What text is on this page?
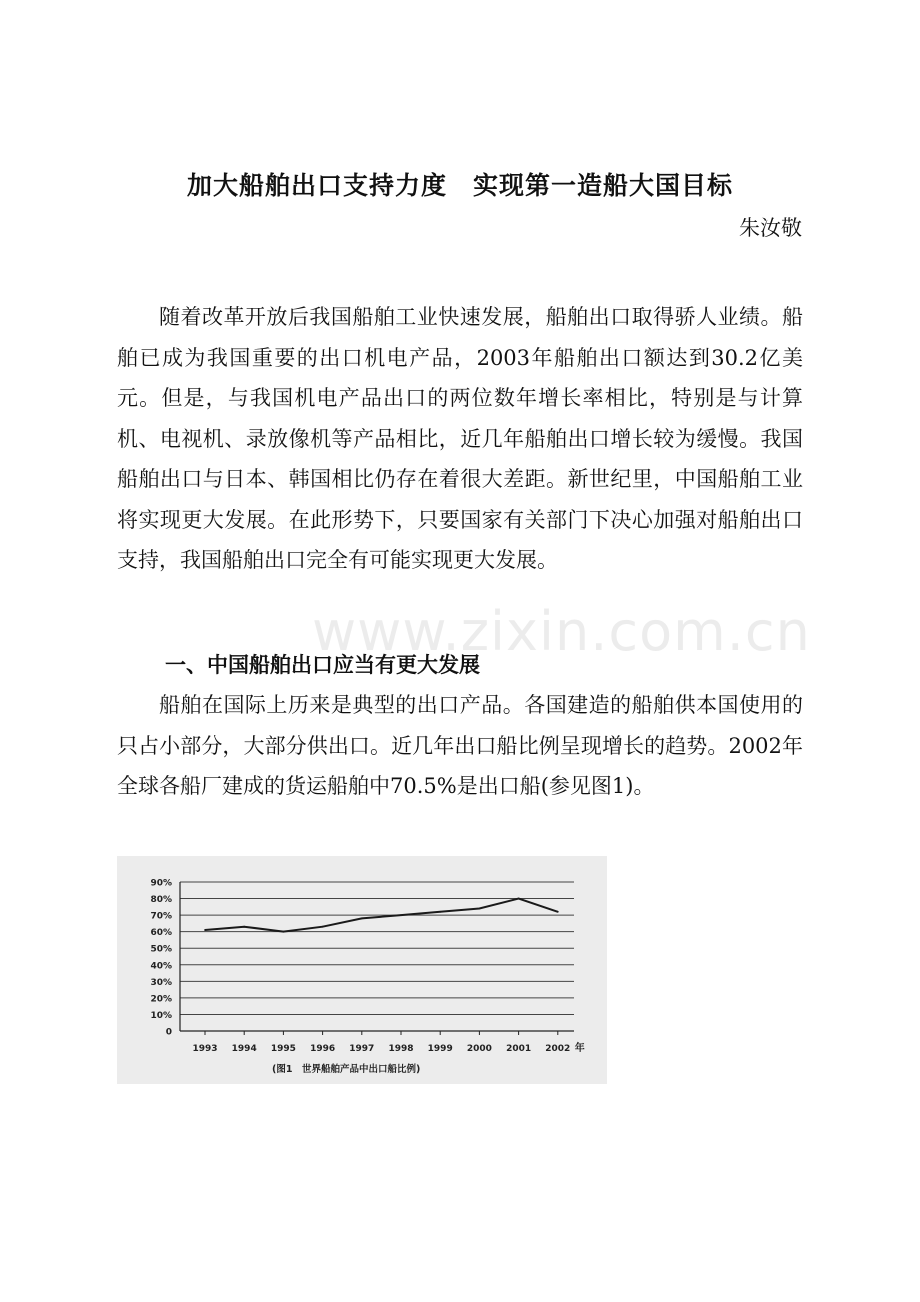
加大船舶出口支持力度　实现第一造船大国目标
朱汝敬

随着改革开放后我国船舶工业快速发展，船舶出口取得骄人业绩。船舶已成为我国重要的出口机电产品，2003年船舶出口额达到30.2亿美元。但是，与我国机电产品出口的两位数年增长率相比，特别是与计算机、电视机、录放像机等产品相比，近几年船舶出口增长较为缓慢。我国船舶出口与日本、韩国相比仍存在着很大差距。新世纪里，中国船舶工业将实现更大发展。在此形势下，只要国家有关部门下决心加强对船舶出口支持，我国船舶出口完全有可能实现更大发展。

www.zixin.com.cn

一、中国船舶出口应当有更大发展

船舶在国际上历来是典型的出口产品。各国建造的船舶供本国使用的只占小部分，大部分供出口。近几年出口船比例呈现增长的趋势。2002年全球各船厂建成的货运船舶中70.5%是出口船(参见图1)。

0
10%
20%
30%
40%
50%
60%
70%
80%
90%
1993 1994 1995 1996 1997 1998 1999 2000 2001 2002 年
(图1　世界船舶产品中出口船比例)
